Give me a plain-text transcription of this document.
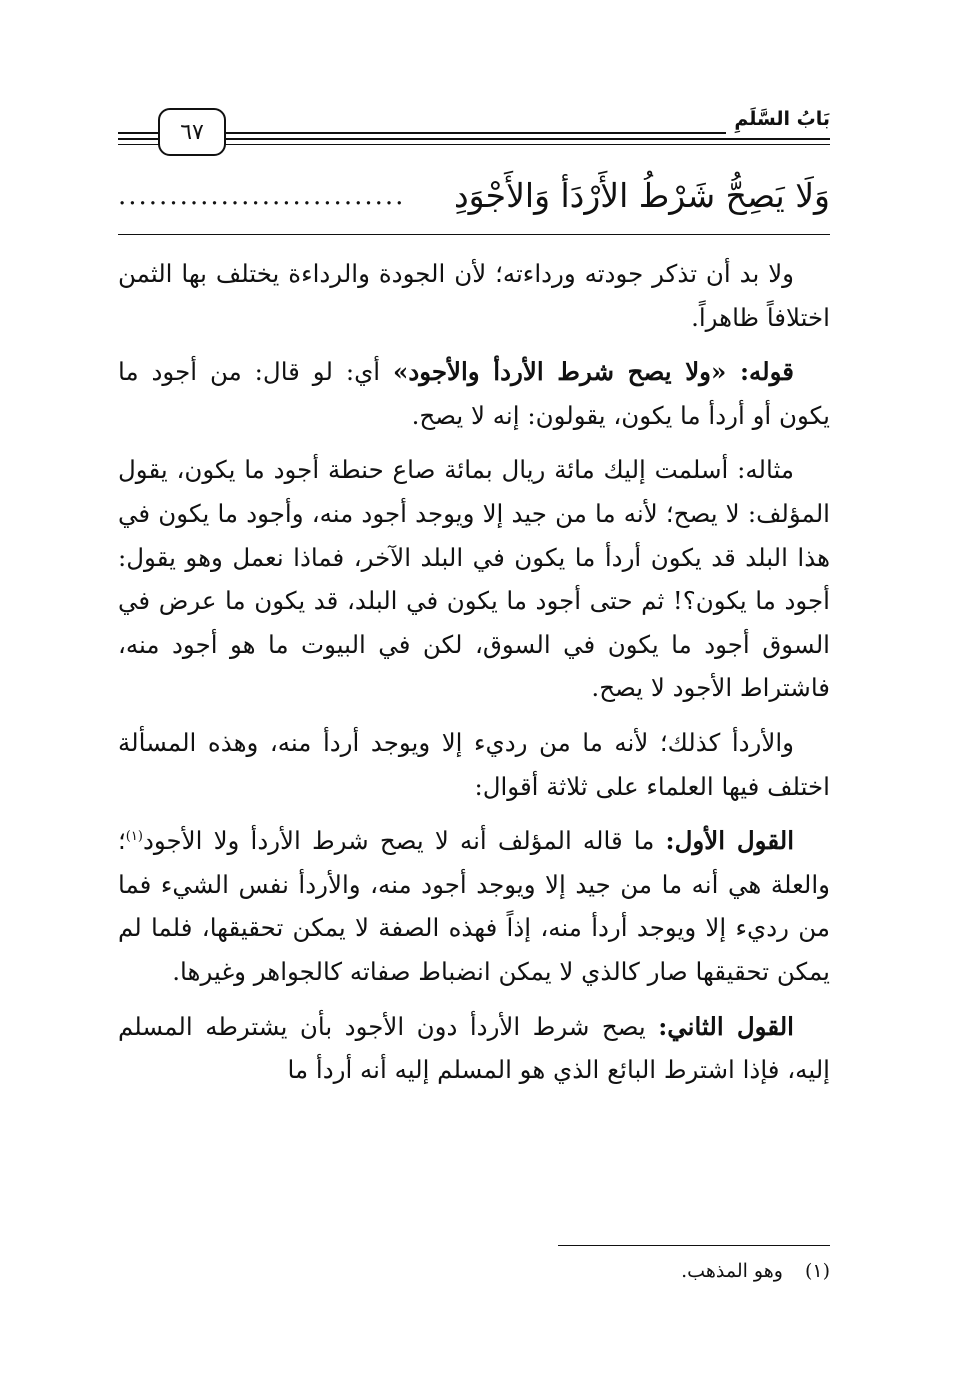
بَابُ السَّلَمِ
٦٧
وَلَا يَصِحُّ شَرْطُ الأَرْدَأ وَالأَجْوَدِ
............................

ولا بد أن تذكر جودته ورداءته؛ لأن الجودة والرداءة يختلف بها الثمن اختلافاً ظاهراً.

قوله: «ولا يصح شرط الأردأ والأجود» أي: لو قال: من أجود ما يكون أو أردأ ما يكون، يقولون: إنه لا يصح.

مثاله: أسلمت إليك مائة ريال بمائة صاع حنطة أجود ما يكون، يقول المؤلف: لا يصح؛ لأنه ما من جيد إلا ويوجد أجود منه، وأجود ما يكون في هذا البلد قد يكون أردأ ما يكون في البلد الآخر، فماذا نعمل وهو يقول: أجود ما يكون؟! ثم حتى أجود ما يكون في البلد، قد يكون ما عرض في السوق أجود ما يكون في السوق، لكن في البيوت ما هو أجود منه، فاشتراط الأجود لا يصح.

والأردأ كذلك؛ لأنه ما من رديء إلا ويوجد أردأ منه، وهذه المسألة اختلف فيها العلماء على ثلاثة أقوال:

القول الأول: ما قاله المؤلف أنه لا يصح شرط الأردأ ولا الأجود$^{(١)}$؛ والعلة هي أنه ما من جيد إلا ويوجد أجود منه، والأردأ نفس الشيء فما من رديء إلا ويوجد أردأ منه، إذاً فهذه الصفة لا يمكن تحقيقها، فلما لم يمكن تحقيقها صار كالذي لا يمكن انضباط صفاته كالجواهر وغيرها.

القول الثاني: يصح شرط الأردأ دون الأجود بأن يشترطه المسلم إليه، فإذا اشترط البائع الذي هو المسلم إليه أنه أردأ ما

(١)وهو المذهب.
